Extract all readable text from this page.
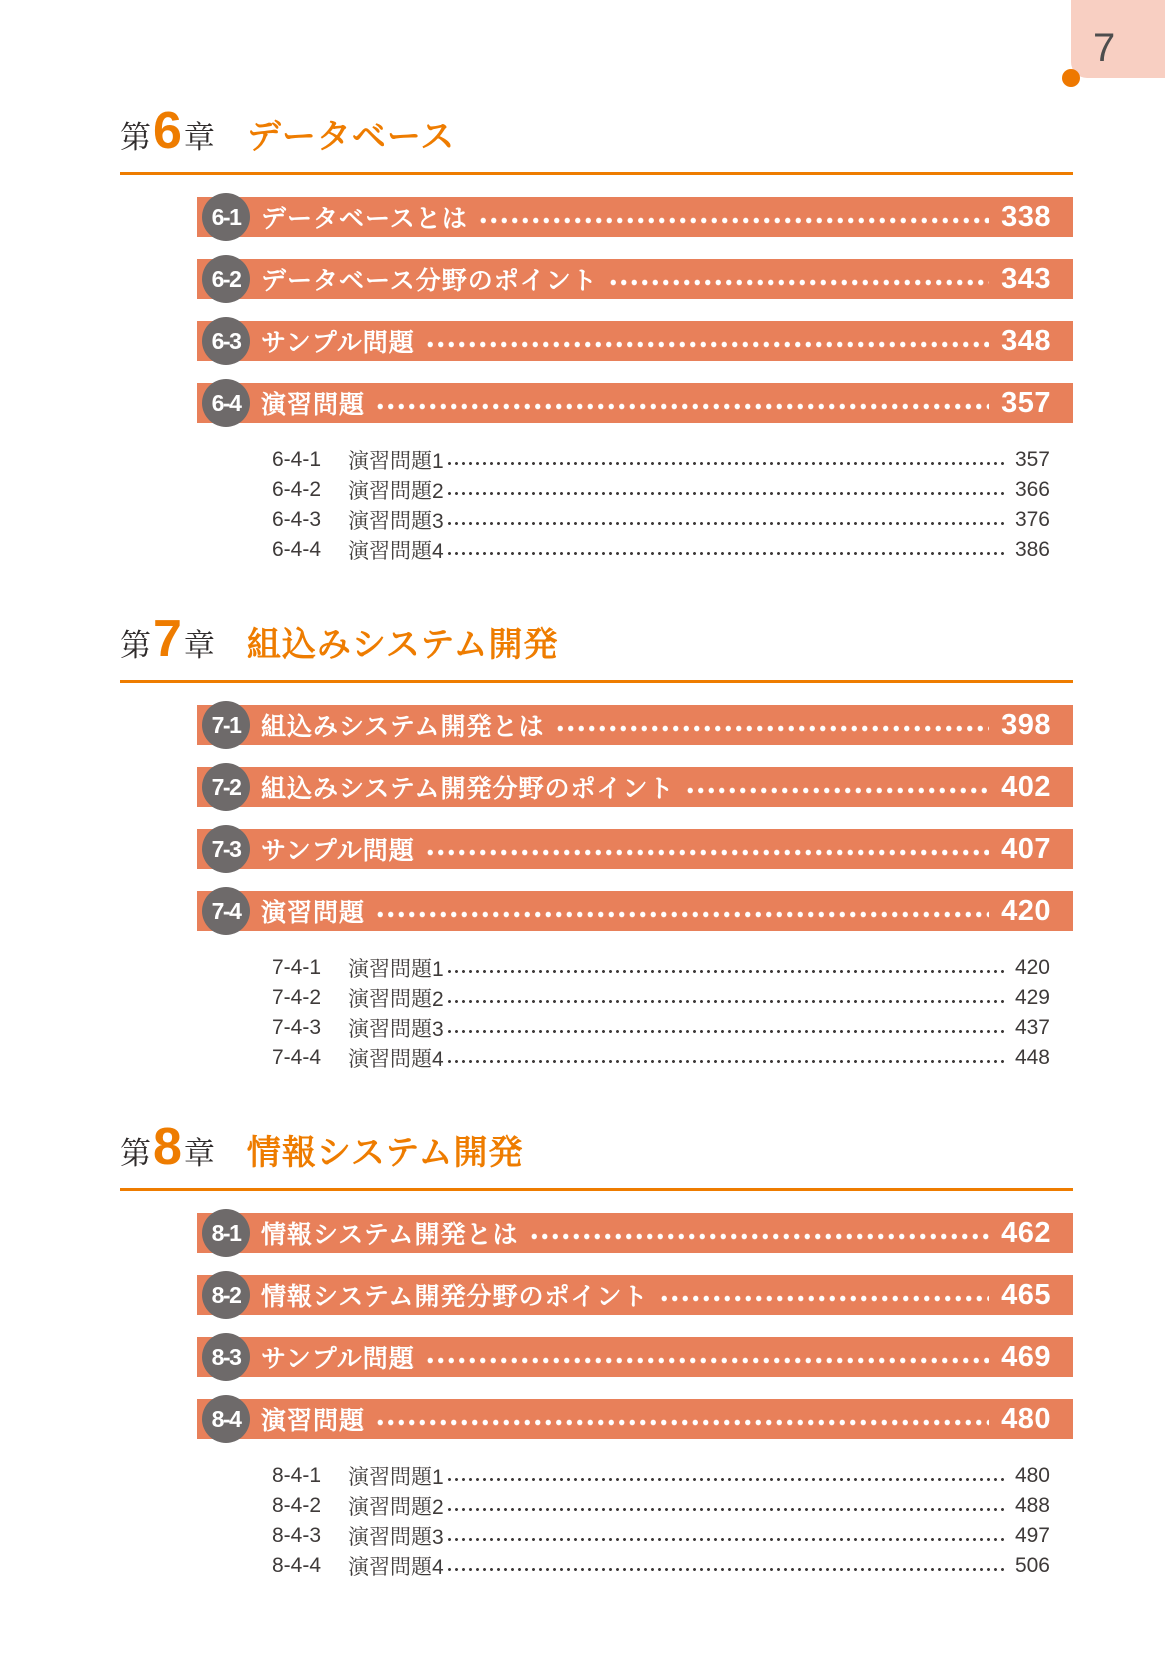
7
第 6 章 データベース
6-1 データベースとは	338
6-2 データベース分野のポイント	343
6-3 サンプル問題	348
6-4 演習問題	357
6-4-1	演習問題1	357
6-4-2	演習問題2	366
6-4-3	演習問題3	376
6-4-4	演習問題4	386
第 7 章 組込みシステム開発
7-1 組込みシステム開発とは	398
7-2 組込みシステム開発分野のポイント	402
7-3 サンプル問題	407
7-4 演習問題	420
7-4-1	演習問題1	420
7-4-2	演習問題2	429
7-4-3	演習問題3	437
7-4-4	演習問題4	448
第 8 章 情報システム開発
8-1 情報システム開発とは	462
8-2 情報システム開発分野のポイント	465
8-3 サンプル問題	469
8-4 演習問題	480
8-4-1	演習問題1	480
8-4-2	演習問題2	488
8-4-3	演習問題3	497
8-4-4	演習問題4	506
